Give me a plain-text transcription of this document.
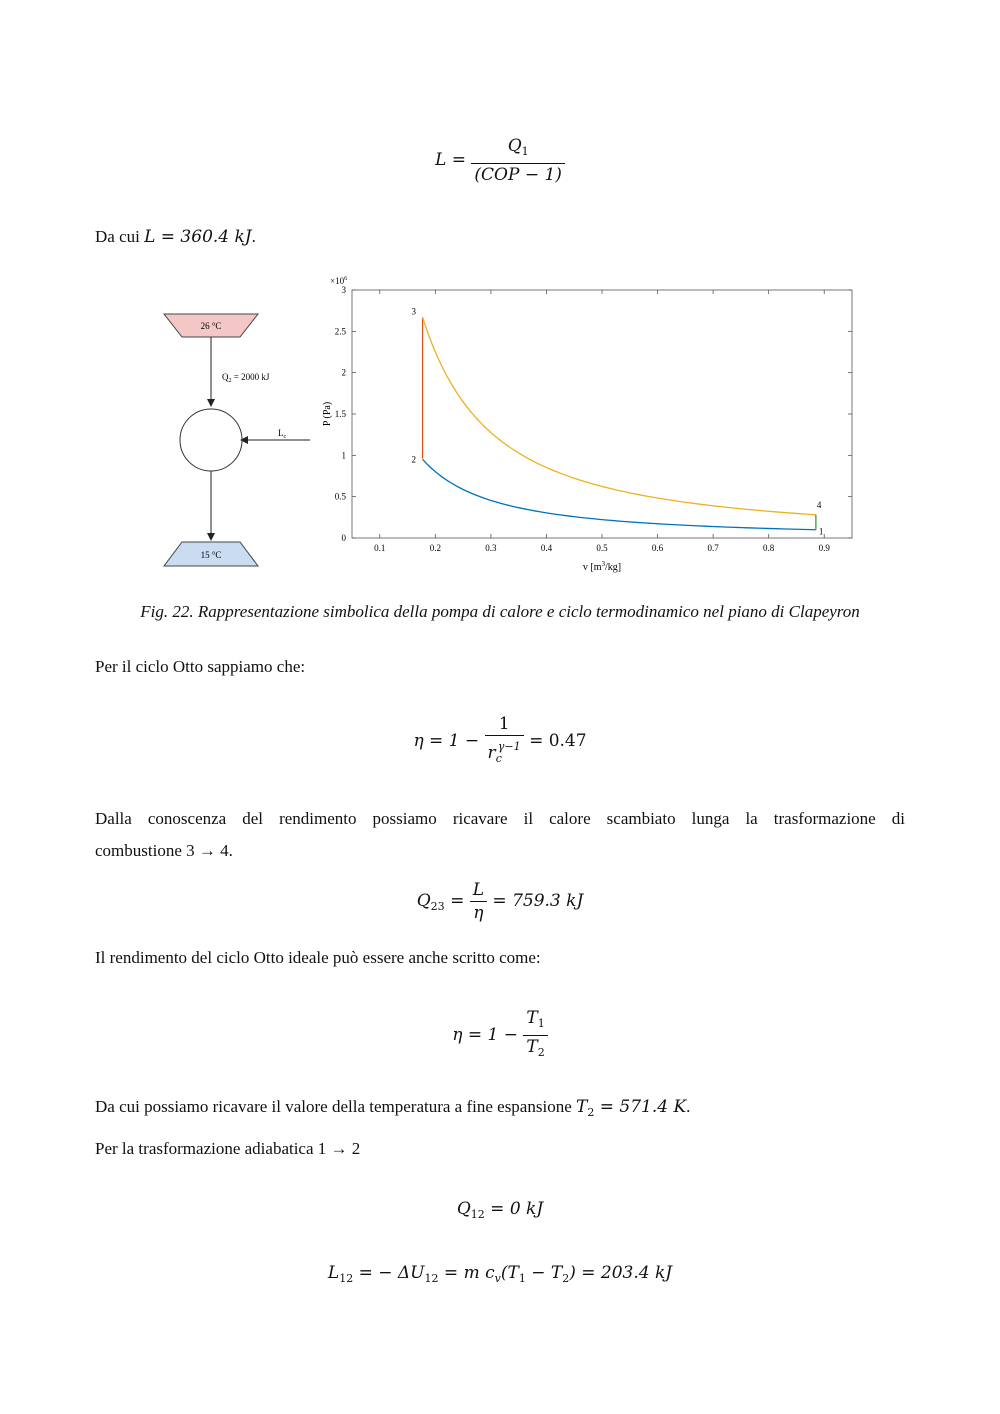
$L = \frac{Q_1}{\text{(COP − 1)}}$
Da cui L = 360.4 kJ.
26 °C
$Q_2 = 2000$ kJ
$L_c$
15 °C
0.1	0.2	0.3	0.4	0.5	0.6	0.7	0.8	0.9
0
0.5
1
1.5
2
2.5
3
1
2
3
4
$\times 10^6$
v $[m^3/kg]$
P (Pa)
Fig. 22. Rappresentazione simbolica della pompa di calore e ciclo termodinamico nel piano di Clapeyron
Per il ciclo Otto sappiamo che:
$\eta = 1 - \frac{1}{r_c^{\gamma-1}} = 0.47$
Dalla conoscenza del rendimento possiamo ricavare il calore scambiato lunga la trasformazione di
combustione 3 → 4.
$Q_{23} = \frac{L}{\eta} = 759.3$ kJ
Il rendimento del ciclo Otto ideale può essere anche scritto come:
$\eta = 1 - \frac{T_1}{T_2}$
Da cui possiamo ricavare il valore della temperatura a fine espansione $T_2 = 571.4$ K.
Per la trasformazione adiabatica 1 → 2
$Q_{12} = 0$ kJ
$L_{12}$ = − $\Delta U_{12} = m$ $c_v(T_1 - T_2) = 203.4$ kJ
